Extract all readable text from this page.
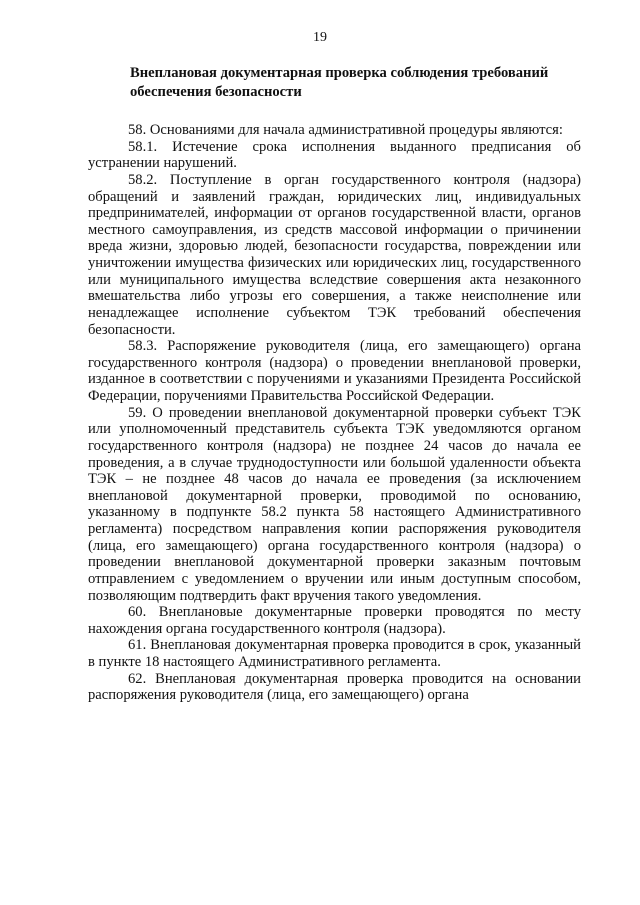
19
Внеплановая документарная проверка соблюдения требований
обеспечения безопасности

58. Основаниями для начала административной процедуры являются:

58.1. Истечение срока исполнения выданного предписания об устранении нарушений.

58.2. Поступление в орган государственного контроля (надзора) обращений и заявлений граждан, юридических лиц, индивидуальных предпринимателей, информации от органов государственной власти, органов местного самоуправления, из средств массовой информации о причинении вреда жизни, здоровью людей, безопасности государства, повреждении или уничтожении имущества физических или юридических лиц, государственного или муниципального имущества вследствие совершения акта незаконного вмешательства либо угрозы его совершения, а также неисполнение или ненадлежащее исполнение субъектом ТЭК требований обеспечения безопасности.

58.3. Распоряжение руководителя (лица, его замещающего) органа государственного контроля (надзора) о проведении внеплановой проверки, изданное в соответствии с поручениями и указаниями Президента Российской Федерации, поручениями Правительства Российской Федерации.

59. О проведении внеплановой документарной проверки субъект ТЭК или уполномоченный представитель субъекта ТЭК уведомляются органом государственного контроля (надзора) не позднее 24 часов до начала ее проведения, а в случае труднодоступности или большой удаленности объекта ТЭК – не позднее 48 часов до начала ее проведения (за исключением внеплановой документарной проверки, проводимой по основанию, указанному в подпункте 58.2 пункта 58 настоящего Административного регламента) посредством направления копии распоряжения руководителя (лица, его замещающего) органа государственного контроля (надзора) о проведении внеплановой документарной проверки заказным почтовым отправлением с уведомлением о вручении или иным доступным способом, позволяющим подтвердить факт вручения такого уведомления.

60. Внеплановые документарные проверки проводятся по месту нахождения органа государственного контроля (надзора).

61. Внеплановая документарная проверка проводится в срок, указанный в пункте 18 настоящего Административного регламента.

62. Внеплановая документарная проверка проводится на основании распоряжения руководителя (лица, его замещающего) органа
